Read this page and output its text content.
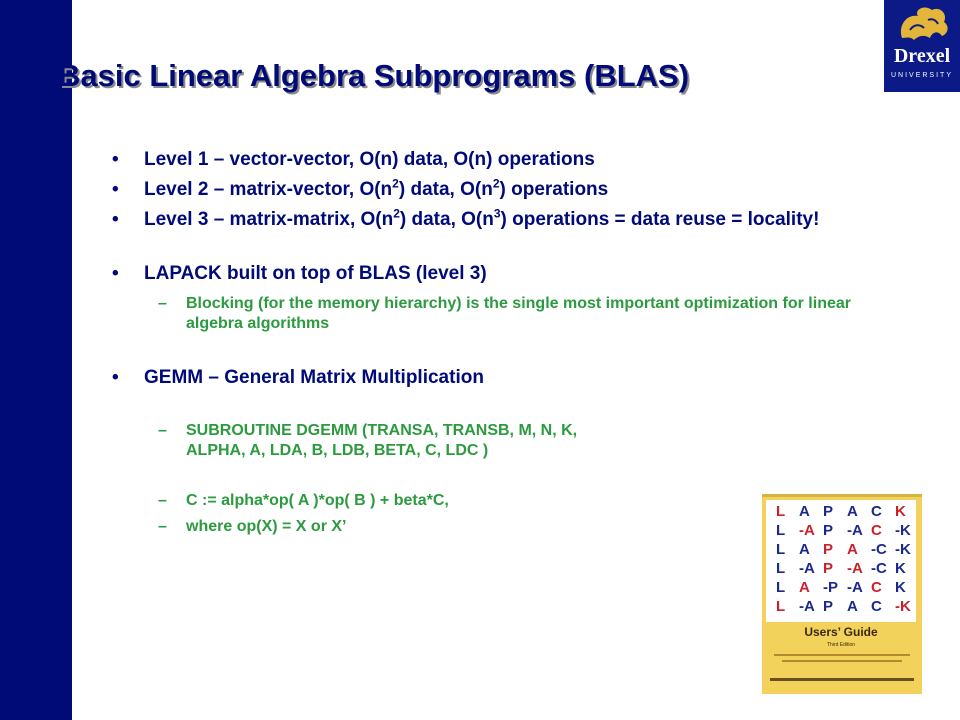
Drexel
UNIVERSITY
Basic Linear Algebra Subprograms (BLAS)

• Level 1 – vector-vector, O(n) data, O(n) operations

• Level 2 – matrix-vector, $O(n^2)$ data, $O(n^2)$ operations

• Level 3 – matrix-matrix, $O(n^2)$ data, $O(n^3)$ operations = data reuse = locality!

• LAPACK built on top of BLAS (level 3)

– Blocking (for the memory hierarchy) is the single most important optimization for linear algebra algorithms

• GEMM – General Matrix Multiplication

– SUBROUTINE DGEMM (TRANSA, TRANSB, M, N, K,
ALPHA, A, LDA, B, LDB, BETA, C, LDC )

– C := alpha*op( A )*op( B ) + beta*C,

– where op(X) = X or X’

L A P A C K
L -A P -A C -K
L A P A -C -K
L -A P -A -C K
L A -P -A C K
L -A P A C -K
Users’ Guide
Third Edition
